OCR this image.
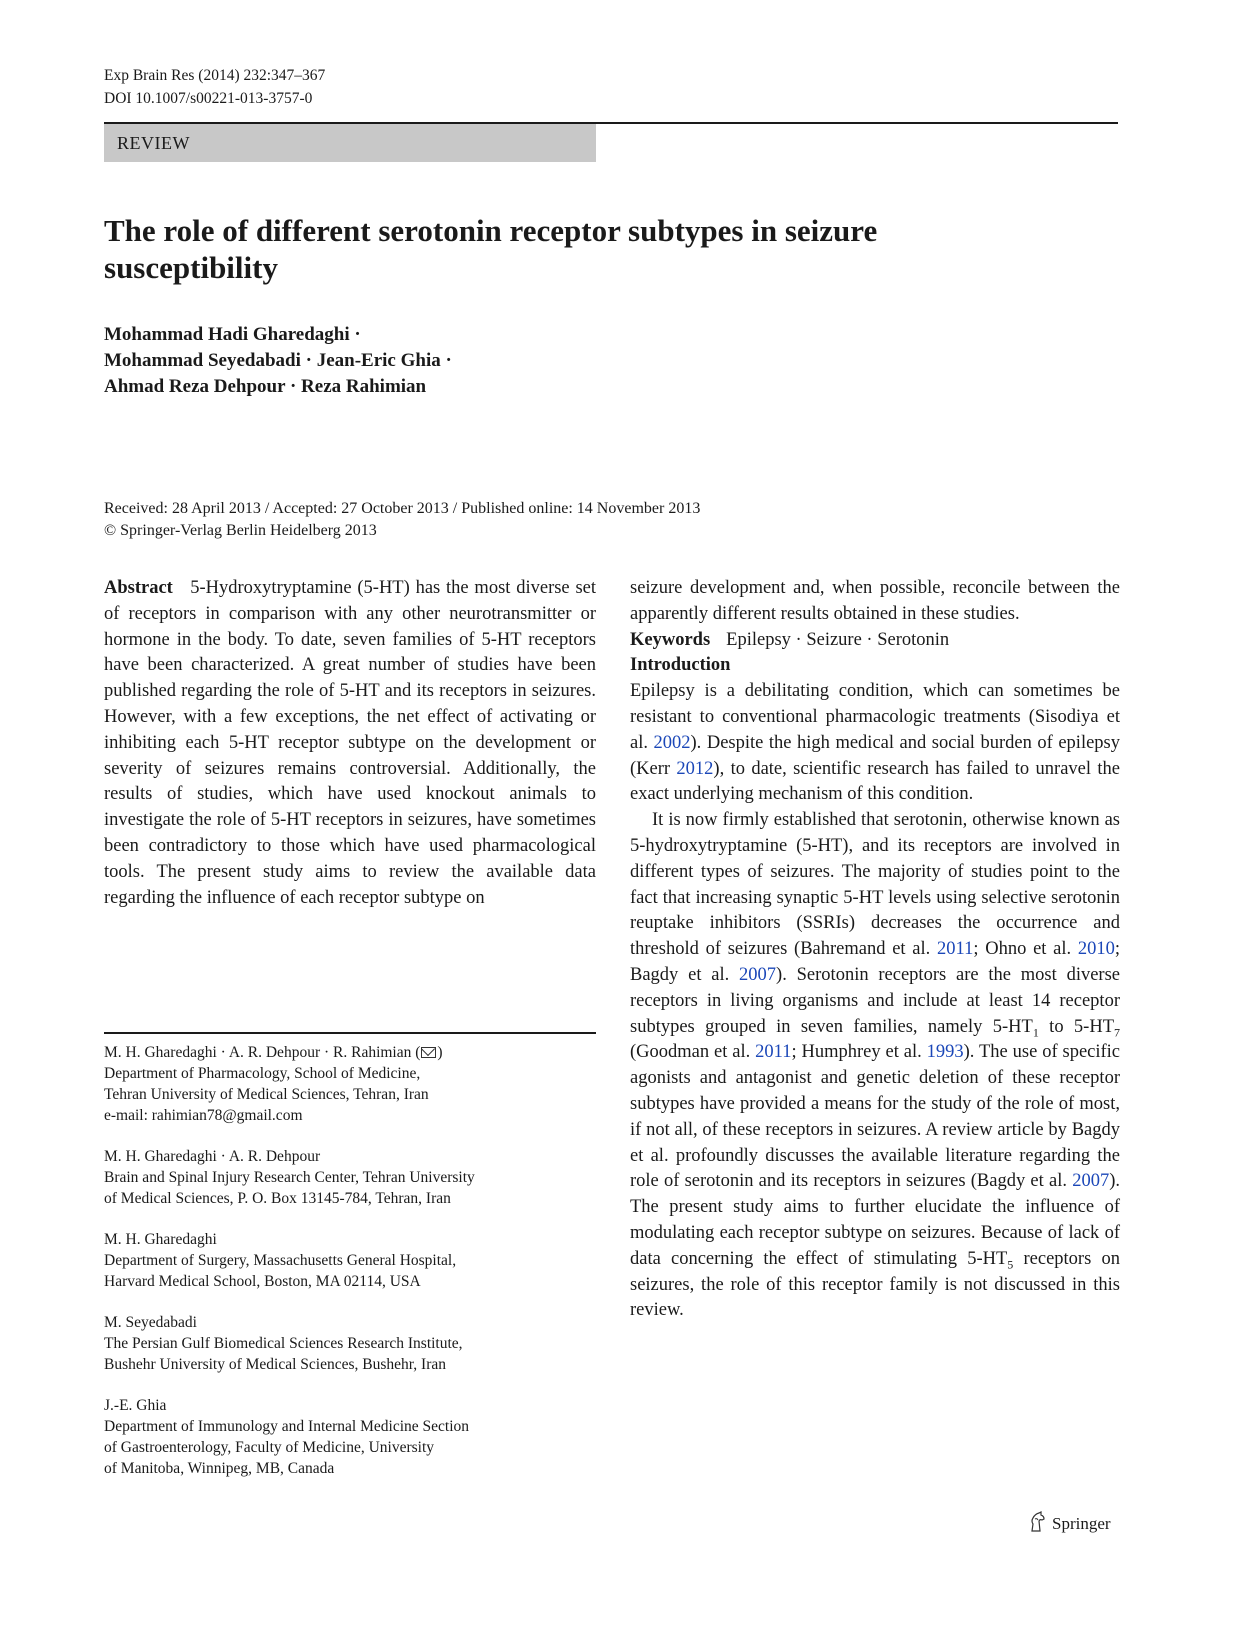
Exp Brain Res (2014) 232:347–367
DOI 10.1007/s00221-013-3757-0
REVIEW
The role of different serotonin receptor subtypes in seizure
susceptibility
Mohammad Hadi Gharedaghi ·
Mohammad Seyedabadi · Jean-Eric Ghia ·
Ahmad Reza Dehpour · Reza Rahimian
Received: 28 April 2013 / Accepted: 27 October 2013 / Published online: 14 November 2013
© Springer-Verlag Berlin Heidelberg 2013

Abstract 5-Hydroxytryptamine (5-HT) has the most diverse set of receptors in comparison with any other neurotransmitter or hormone in the body. To date, seven families of 5-HT receptors have been characterized. A great number of studies have been published regarding the role of 5-HT and its receptors in seizures. However, with a few exceptions, the net effect of activating or inhibiting each 5-HT receptor subtype on the development or severity of seizures remains controversial. Additionally, the results of studies, which have used knockout animals to investigate the role of 5-HT receptors in seizures, have sometimes been contradictory to those which have used pharmacological tools. The present study aims to review the available data regarding the influence of each receptor subtype on

M. H. Gharedaghi · A. R. Dehpour · R. Rahimian ( )
Department of Pharmacology, School of Medicine,
Tehran University of Medical Sciences, Tehran, Iran
e-mail: rahimian78@gmail.com
M. H. Gharedaghi · A. R. Dehpour
Brain and Spinal Injury Research Center, Tehran University
of Medical Sciences, P. O. Box 13145-784, Tehran, Iran
M. H. Gharedaghi
Department of Surgery, Massachusetts General Hospital,
Harvard Medical School, Boston, MA 02114, USA
M. Seyedabadi
The Persian Gulf Biomedical Sciences Research Institute,
Bushehr University of Medical Sciences, Bushehr, Iran
J.-E. Ghia
Department of Immunology and Internal Medicine Section
of Gastroenterology, Faculty of Medicine, University
of Manitoba, Winnipeg, MB, Canada

seizure development and, when possible, reconcile between the apparently different results obtained in these studies.

Keywords Epilepsy · Seizure · Serotonin

Introduction

Epilepsy is a debilitating condition, which can sometimes be resistant to conventional pharmacologic treatments (Sisodiya et al. 2002). Despite the high medical and social burden of epilepsy (Kerr 2012), to date, scientific research has failed to unravel the exact underlying mechanism of this condition.

It is now firmly established that serotonin, otherwise known as 5-hydroxytryptamine (5-HT), and its receptors are involved in different types of seizures. The majority of studies point to the fact that increasing synaptic 5-HT levels using selective serotonin reuptake inhibitors (SSRIs) decreases the occurrence and threshold of seizures (Bahremand et al. 2011; Ohno et al. 2010; Bagdy et al. 2007). Serotonin receptors are the most diverse receptors in living organisms and include at least 14 receptor subtypes grouped in seven families, namely $5-HT_1$ to $5-HT_7$ (Goodman et al. 2011; Humphrey et al. 1993). The use of specific agonists and antagonist and genetic deletion of these receptor subtypes have provided a means for the study of the role of most, if not all, of these receptors in seizures. A review article by Bagdy et al. profoundly discusses the available literature regarding the role of serotonin and its receptors in seizures (Bagdy et al. 2007). The present study aims to further elucidate the influence of modulating each receptor subtype on seizures. Because of lack of data concerning the effect of stimulating $5-HT_5$ receptors on seizures, the role of this receptor family is not discussed in this review.

Springer
